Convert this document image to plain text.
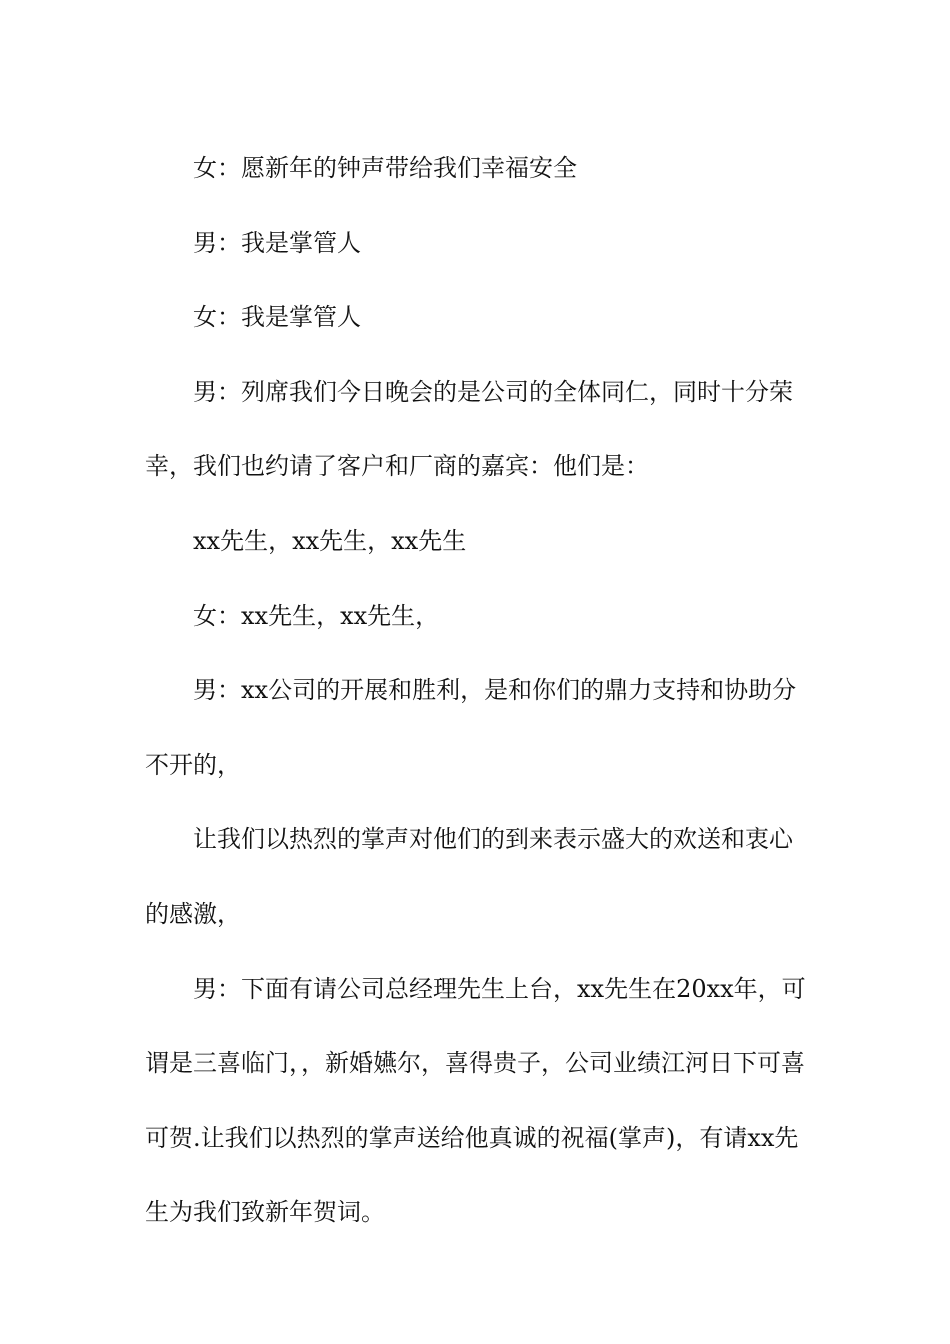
女：愿新年的钟声带给我们幸福安全

男：我是掌管人

女：我是掌管人

男：列席我们今日晚会的是公司的全体同仁，同时十分荣幸，我们也约请了客户和厂商的嘉宾：他们是：

xx先生，xx先生，xx先生

女：xx先生，xx先生，

男：xx公司的开展和胜利，是和你们的鼎力支持和协助分不开的，

让我们以热烈的掌声对他们的到来表示盛大的欢送和衷心的感激，

男：下面有请公司总经理先生上台，xx先生在20xx年，可谓是三喜临门，，新婚嬿尔，喜得贵子，公司业绩江河日下可喜可贺.让我们以热烈的掌声送给他真诚的祝福(掌声)，有请xx先生为我们致新年贺词。
